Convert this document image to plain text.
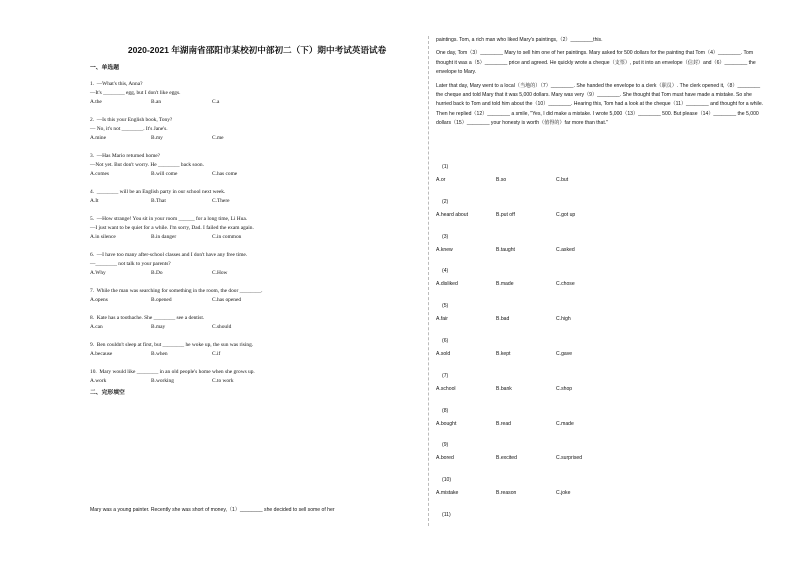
2020-2021 年湖南省邵阳市某校初中部初二（下）期中考试英语试卷

一、单选题

1.  —What's this, Anna?
—It's ________ egg, but I don't like eggs.
A.the	B.an	C.a
2.  —Is this your English book, Tony?
— No, it's not ________. It's Jane's.
A.mine	B.my	C.me
3.  —Has Mario returned home?
—Not yet. But don't worry. He ________ back soon.
A.comes	B.will come	C.has come
4.  ________ will be an English party in our school next week.
A.It	B.That	C.There
5.  —How strange! You sit in your room ______ for a long time, Li Hua.
—I just want to be quiet for a while. I'm sorry, Dad. I failed the exam again.
A.in silence	B.in danger	C.in common
6.  —I have too many after-school classes and I don't have any free time.
—________ not talk to your parents?
A.Why	B.Do	C.How
7.  While the man was searching for something in the room, the door ________.
A.opens	B.opened	C.has opened
8.  Kate has a toothache. She ________ see a dentist.
A.can	B.may	C.should
9.  Ben couldn't sleep at first, but ________ he woke up, the sun was rising.
A.because	B.when	C.if
10.  Mary would like ________ in an old people's home when she grows up.
A.work	B.working	C.to work

二、完形填空

Mary was a young painter. Recently she was short of money,（1）________ she decided to sell some of her

paintings. Tom, a rich man who liked Mary's paintings,（2）________this.

One day, Tom（3）________ Mary to sell him one of her paintings. Mary asked for 500 dollars for the painting that Tom（4）________. Tom thought it was a（5）________ price and agreed. He quickly wrote a cheque（支票）, put it into an envelope（信封）and（6）________ the envelope to Mary.

Later that day, Mary went to a local（当地的）（7）________. She handed the envelope to a clerk（职员）. The clerk opened it,（8）________ the cheque and told Mary that it was 5,000 dollars. Mary was very（9）________. She thought that Tom must have made a mistake. So she hurried back to Tom and told him about the（10）________. Hearing this, Tom had a look at the cheque（11）________ and thought for a while. Then he replied（12）________ a smile, "Yes, I did make a mistake. I wrote 5,000（13）________ 500. But please（14）________ the 5,000 dollars（15）________ your honesty is worth（值得的）far more than that."

(1)
A.or	B.so	C.but
(2)
A.heard about	B.put off	C.got up
(3)
A.knew	B.taught	C.asked
(4)
A.disliked	B.made	C.chose
(5)
A.fair	B.bad	C.high
(6)
A.sold	B.kept	C.gave
(7)
A.school	B.bank	C.shop
(8)
A.bought	B.read	C.made
(9)
A.bored	B.excited	C.surprised
(10)
A.mistake	B.reason	C.joke
(11)
